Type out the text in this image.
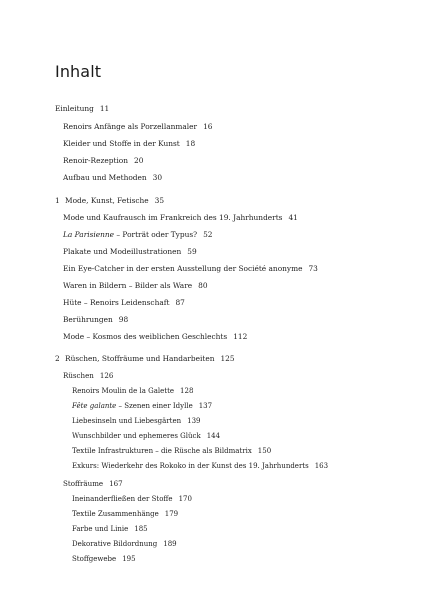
Inhalt
Einleitung 11
Renoirs Anfänge als Porzellanmaler 16
Kleider und Stoffe in der Kunst 18
Renoir-Rezeption 20
Aufbau und Methoden 30
1 Mode, Kunst, Fetische 35
Mode und Kaufrausch im Frankreich des 19. Jahrhunderts 41
La Parisienne – Porträt oder Typus? 52
Plakate und Modeillustrationen 59
Ein Eye-Catcher in der ersten Ausstellung der Société anonyme 73
Waren in Bildern – Bilder als Ware 80
Hüte – Renoirs Leidenschaft 87
Berührungen 98
Mode – Kosmos des weiblichen Geschlechts 112
2 Rüschen, Stoffräume und Handarbeiten 125
Rüschen 126
Renoirs Moulin de la Galette 128
Fête galante – Szenen einer Idylle 137
Liebesinseln und Liebesgärten 139
Wunschbilder und ephemeres Glück 144
Textile Infrastrukturen – die Rüsche als Bildmatrix 150
Exkurs: Wiederkehr des Rokoko in der Kunst des 19. Jahrhunderts 163
Stoffräume 167
Ineinanderfließen der Stoffe 170
Textile Zusammenhänge 179
Farbe und Linie 185
Dekorative Bildordnung 189
Stoffgewebe 195
